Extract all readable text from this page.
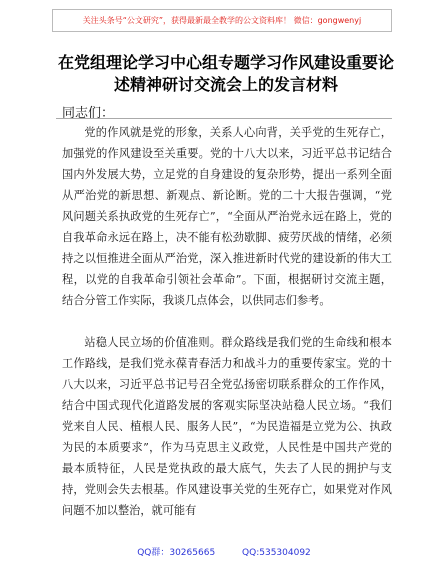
关注头条号“公文研究”，获得最新最全教学的公文资料库！ 微信：gongwenyj
在党组理论学习中心组专题学习作风建设重要论述精神研讨交流会上的发言材料
同志们：

党的作风就是党的形象，关系人心向背，关乎党的生死存亡，加强党的作风建设至关重要。党的十八大以来，习近平总书记结合国内外发展大势，立足党的自身建设的复杂形势，提出一系列全面从严治党的新思想、新观点、新论断。党的二十大报告强调，“党风问题关系执政党的生死存亡”，“全面从严治党永远在路上，党的自我革命永远在路上，决不能有松劲歇脚、疲劳厌战的情绪，必须持之以恒推进全面从严治党，深入推进新时代党的建设新的伟大工程，以党的自我革命引领社会革命”。下面，根据研讨交流主题，结合分管工作实际，我谈几点体会，以供同志们参考。

站稳人民立场的价值准则。群众路线是我们党的生命线和根本工作路线，是我们党永葆青春活力和战斗力的重要传家宝。党的十八大以来，习近平总书记号召全党弘扬密切联系群众的工作作风，结合中国式现代化道路发展的客观实际坚决站稳人民立场。“我们党来自人民、植根人民、服务人民”，“为民造福是立党为公、执政为民的本质要求”，作为马克思主义政党，人民性是中国共产党的最本质特征，人民是党执政的最大底气，失去了人民的拥护与支持，党则会失去根基。作风建设事关党的生死存亡，如果党对作风问题不加以整治，就可能有

QQ群：30265665	QQ:535304092
